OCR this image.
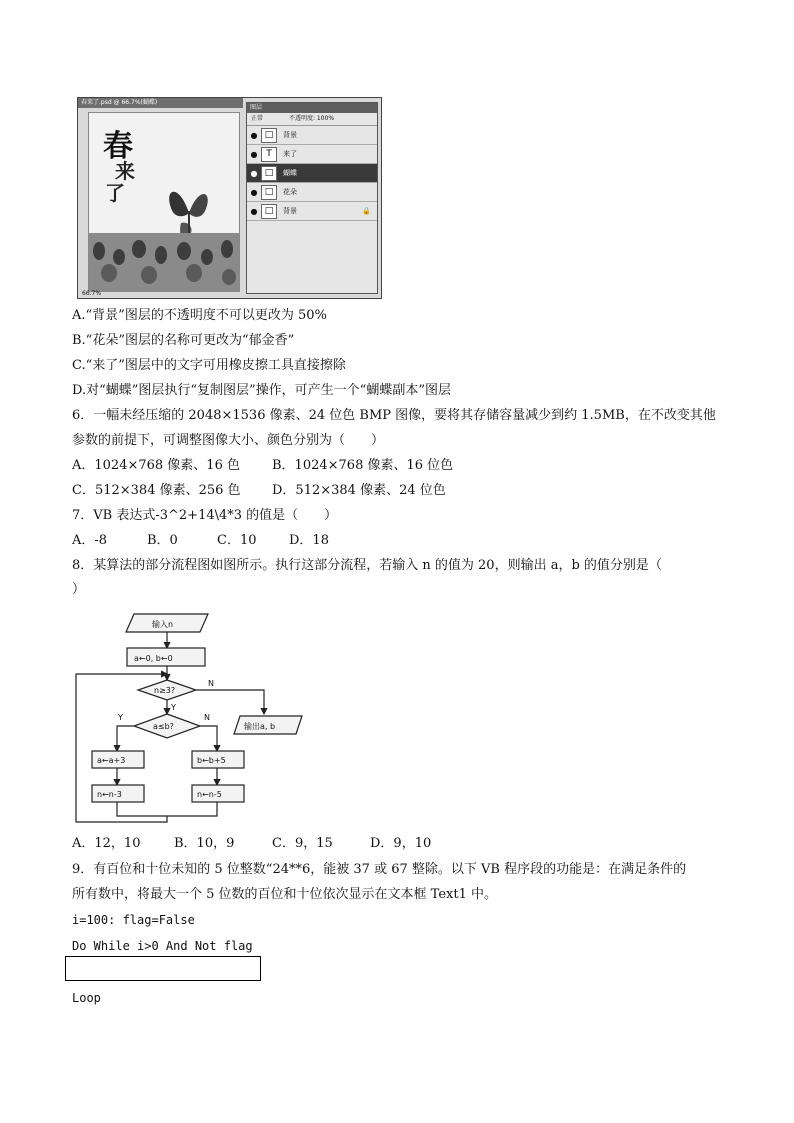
春来了.psd @ 66.7%(蝴蝶)
春
来
了
66.7%
图层
正常	不透明度: 100%
● □	背景
● T	来了
● □	蝴蝶
● □	花朵
● □	背景	🔒
A.“背景”图层的不透明度不可以更改为 50%
B.“花朵”图层的名称可更改为“郁金香”
C.“来了”图层中的文字可用橡皮擦工具直接擦除
D.对“蝴蝶”图层执行“复制图层”操作，可产生一个“蝴蝶副本”图层
6．一幅未经压缩的 2048×1536 像素、24 位色 BMP 图像，要将其存储容量减少到约 1.5MB，在不改变其他
参数的前提下，可调整图像大小、颜色分别为（　　）
A．1024×768 像素、16 色 B．1024×768 像素、16 位色
C．512×384 像素、256 色 D．512×384 像素、24 位色
7．VB 表达式-3^2+14\4*3 的值是（　　）
A．-8	B．0	C．10	D．18
8．某算法的部分流程图如图所示。执行这部分流程，若输入 n 的值为 20，则输出 a，b 的值分别是（
）
输入n
a←0, b←0
n≥3?
N
Y
输出a, b
a≤b?
Y	N
a←a+3	b←b+5
n←n-3	n←n-5
A．12，10	B．10，9	C．9，15	D．9，10
9．有百位和十位未知的 5 位整数“24**6，能被 37 或 67 整除。以下 VB 程序段的功能是：在满足条件的
所有数中，将最大一个 5 位数的百位和十位依次显示在文本框 Text1 中。
i=100: flag=False
Do While i>0 And Not flag
Loop
